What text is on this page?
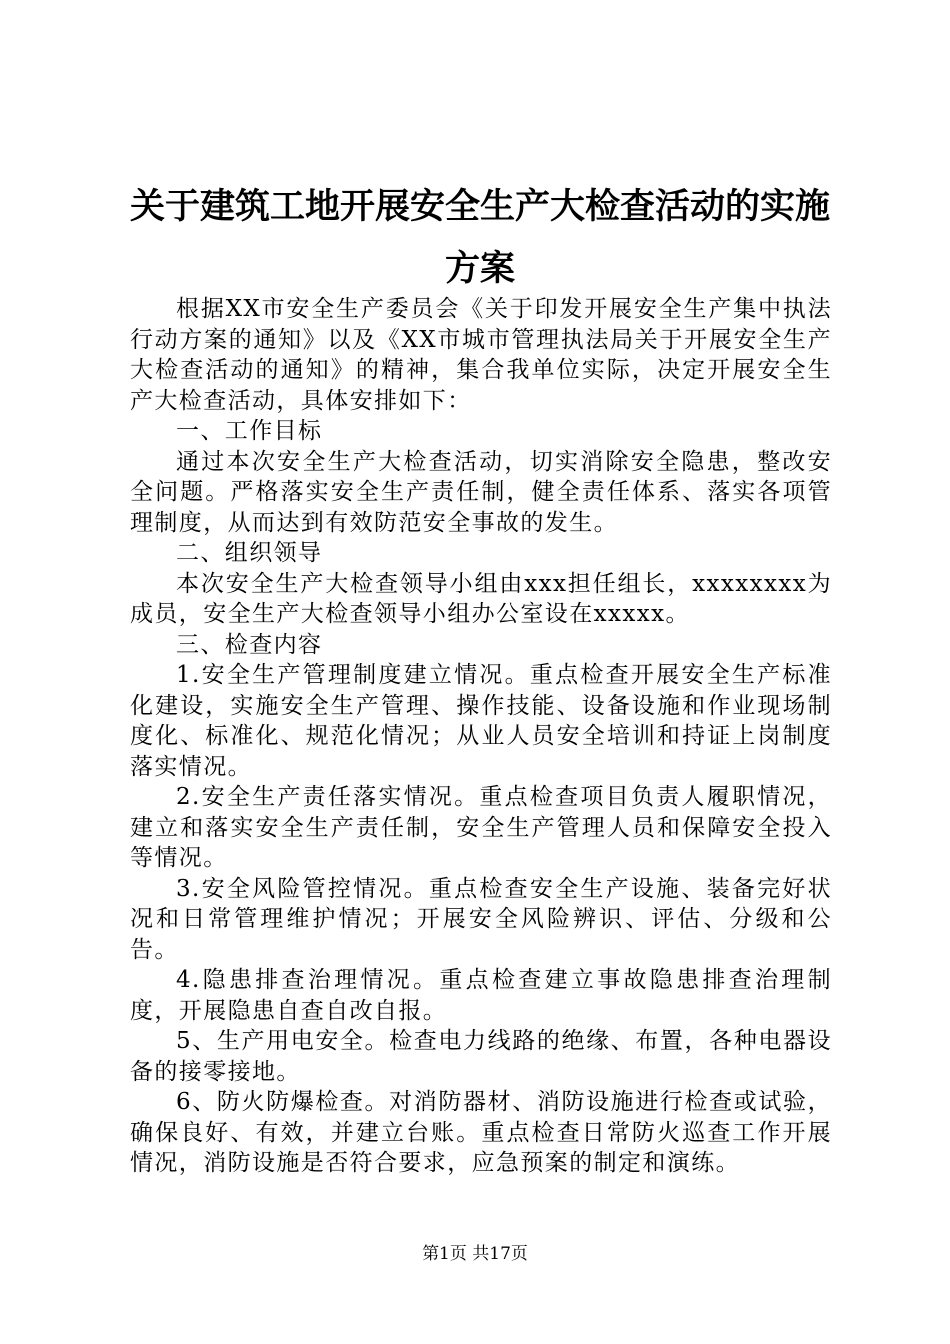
关于建筑工地开展安全生产大检查活动的实施方案

根据XX市安全生产委员会《关于印发开展安全生产集中执法行动方案的通知》以及《XX市城市管理执法局关于开展安全生产大检查活动的通知》的精神，集合我单位实际，决定开展安全生产大检查活动，具体安排如下：

一、工作目标

通过本次安全生产大检查活动，切实消除安全隐患，整改安全问题。严格落实安全生产责任制，健全责任体系、落实各项管理制度，从而达到有效防范安全事故的发生。

二、组织领导

本次安全生产大检查领导小组由xxx担任组长，xxxxxxxx为成员，安全生产大检查领导小组办公室设在xxxxx。

三、检查内容

1.安全生产管理制度建立情况。重点检查开展安全生产标准化建设，实施安全生产管理、操作技能、设备设施和作业现场制度化、标准化、规范化情况；从业人员安全培训和持证上岗制度落实情况。

2.安全生产责任落实情况。重点检查项目负责人履职情况，建立和落实安全生产责任制，安全生产管理人员和保障安全投入等情况。

3.安全风险管控情况。重点检查安全生产设施、装备完好状况和日常管理维护情况；开展安全风险辨识、评估、分级和公告。

4.隐患排查治理情况。重点检查建立事故隐患排查治理制度，开展隐患自查自改自报。

5、生产用电安全。检查电力线路的绝缘、布置，各种电器设备的接零接地。

6、防火防爆检查。对消防器材、消防设施进行检查或试验，确保良好、有效，并建立台账。重点检查日常防火巡查工作开展情况，消防设施是否符合要求，应急预案的制定和演练。

第1页 共17页
